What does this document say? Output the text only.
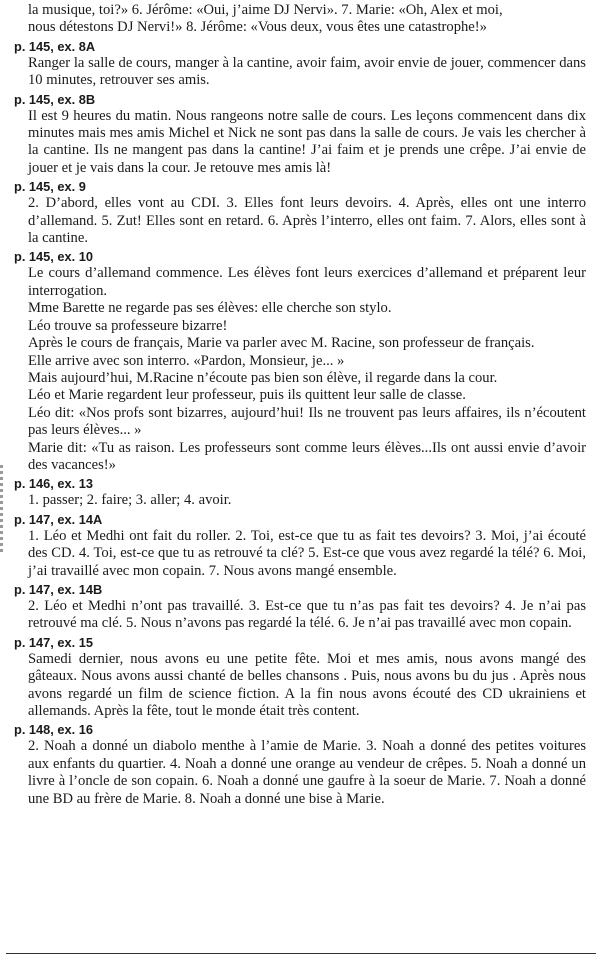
la musique, toi?» 6. Jérôme: «Oui, j’aime DJ Nervi». 7. Marie: «Oh, Alex et moi,

nous détestons DJ Nervi!» 8. Jérôme: «Vous deux, vous êtes une catastrophe!»

p. 145, ex. 8A

Ranger la salle de cours, manger à la cantine, avoir faim, avoir envie de jouer, commencer dans 10 minutes, retrouver ses amis.

p. 145, ex. 8B

Il est 9 heures du matin. Nous rangeons notre salle de cours. Les leçons commencent dans dix minutes mais mes amis Michel et Nick ne sont pas dans la salle de cours. Je vais les chercher à la cantine. Ils ne mangent pas dans la cantine! J’ai faim et je prends une crêpe. J’ai envie de jouer et je vais dans la cour. Je retouve mes amis là!

p. 145, ex. 9

2. D’abord, elles vont au CDI. 3. Elles font leurs devoirs. 4. Après, elles ont une interro d’allemand. 5. Zut! Elles sont en retard. 6. Après l’interro, elles ont faim. 7. Alors, elles sont à la cantine.

p. 145, ex. 10

Le cours d’allemand commence. Les élèves font leurs exercices d’allemand et préparent leur interrogation.

Mme Barette ne regarde pas ses élèves: elle cherche son stylo.

Léo trouve sa professeure bizarre!

Après le cours de français, Marie va parler avec M. Racine, son professeur de français.

Elle arrive avec son interro. «Pardon, Monsieur, je... »

Mais aujourd’hui, M.Racine n’écoute pas bien son élève, il regarde dans la cour.

Léo et Marie regardent leur professeur, puis ils quittent leur salle de classe.

Léo dit: «Nos profs sont bizarres, aujourd’hui! Ils ne trouvent pas leurs affaires, ils n’écoutent pas leurs élèves... »

Marie dit: «Tu as raison. Les professeurs sont comme leurs élèves...Ils ont aussi envie d’avoir des vacances!»

p. 146, ex. 13

1. passer; 2. faire; 3. aller; 4. avoir.

p. 147, ex. 14A

1. Léo et Medhi ont fait du roller. 2. Toi, est-ce que tu as fait tes devoirs? 3. Moi, j’ai écouté des CD. 4. Toi, est-ce que tu as retrouvé ta clé? 5. Est-ce que vous avez regardé la télé? 6. Moi, j’ai travaillé avec mon copain. 7. Nous avons mangé ensemble.

p. 147, ex. 14B

2. Léo et Medhi n’ont pas travaillé. 3. Est-ce que tu n’as pas fait tes devoirs? 4. Je n’ai pas retrouvé ma clé. 5. Nous n’avons pas regardé la télé. 6. Je n’ai pas travaillé avec mon copain.

p. 147, ex. 15

Samedi dernier, nous avons eu une petite fête. Moi et mes amis, nous avons mangé des gâteaux. Nous avons aussi chanté de belles chansons . Puis, nous avons bu du jus . Après nous avons regardé un film de science fiction. A la fin nous avons écouté des CD ukrainiens et allemands. Après la fête, tout le monde était très content.

p. 148, ex. 16

2. Noah a donné un diabolo menthe à l’amie de Marie. 3. Noah a donné des petites voitures aux enfants du quartier. 4. Noah a donné une orange au vendeur de crêpes. 5. Noah a donné un livre à l’oncle de son copain. 6. Noah a donné une gaufre à la soeur de Marie. 7. Noah a donné une BD au frère de Marie. 8. Noah a donné une bise à Marie.
